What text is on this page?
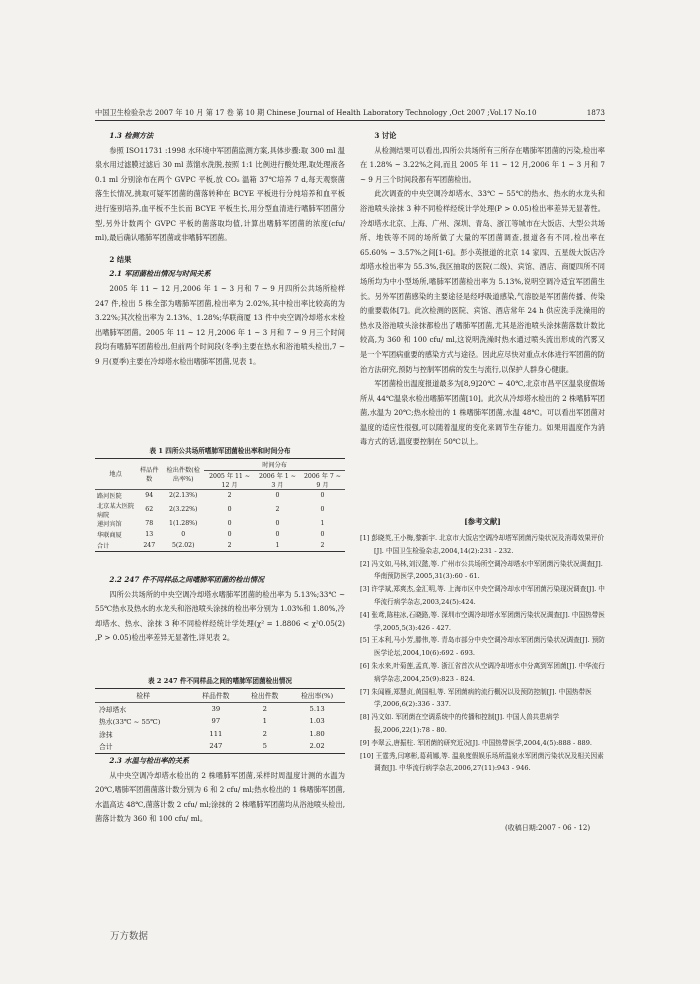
中国卫生检验杂志 2007 年 10 月 第 17 卷 第 10 期 Chinese Journal of Health Laboratory Technology ,Oct 2007 ;Vol.17 No.10	1873

1.3 检测方法

参照 ISO11731 :1998 水环境中军团菌监测方案,具体步骤:取 300 ml 温泉水用过滤膜过滤后 30 ml 蒸馏水洗脱,按照 1:1 比例进行酸处理,取处理液各 0.1 ml 分别涂布在两个 GVPC 平板,放 CO₂ 温箱 37℃培养 7 d,每天观察菌落生长情况,挑取可疑军团菌的菌落转种在 BCYE 平板进行分纯培养和血平板进行鉴别培养,血平板不生长而 BCYE 平板生长,用分型血清进行嗜肺军团菌分型,另外计数两个 GVPC 平板的菌落取均值,计算出嗜肺军团菌的浓度(cfu/ ml),最后确认嗜肺军团菌或非嗜肺军团菌。

2 结果

2.1 军团菌检出情况与时间关系

2005 年 11 ~ 12 月,2006 年 1 ~ 3 月和 7 ~ 9 月四所公共场所检样 247 件,检出 5 株全部为嗜肺军团菌,检出率为 2.02%,其中检出率比较高的为 3.22%;其次检出率为 2.13%、1.28%;华联商厦 13 件中央空调冷却塔水未检出嗜肺军团菌。2005 年 11 ~ 12 月,2006 年 1 ~ 3 月和 7 ~ 9 月三个时间段均有嗜肺军团菌检出,但前两个时间段(冬季)主要在热水和浴池喷头检出,7 ~ 9 月(夏季)主要在冷却塔水检出嗜肺军团菌,见表 1。

表 1 四所公共场所嗜肺军团菌检出率和时间分布
地点	样品件数	检出件数(检出率%)	时间分布		
			2005 年 11 ~ 12 月	2006 年 1 ~ 3 月	2006 年 7 ~ 9 月
路河医院	94	2(2.13%)	2	0	0
北京某大医院病院	62	2(3.22%)	0	2	0
递河宾馆	78	1(1.28%)	0	0	1
华联商厦	13	0	0	0	0
合计	247	5(2.02)	2	1	2

2.2 247 件不同样品之间嗜肺军团菌的检出情况

四所公共场所的中央空调冷却塔水嗜肺军团菌的检出率为 5.13%;33℃ ~ 55℃热水及热水的水龙头和浴池喷头涂抹的检出率分别为 1.03%和 1.80%,冷却塔水、热水、涂抹 3 种不同检样经统计学处理(χ² = 1.8806 < χ²0.05(2) ,P > 0.05)检出率差异无显著性,详见表 2。

表 2 247 件不同样品之间的嗜肺军团菌检出情况
检样	样品件数	检出件数	检出率(%)
冷却塔水	39	2	5.13
热水(33℃ ~ 55℃)	97	1	1.03
涂抹	111	2	1.80
合计	247	5	2.02

2.3 水温与检出率的关系

从中央空调冷却塔水检出的 2 株嗜肺军团菌,采样时周温度计测的水温为 20℃,嗜肺军团菌菌落计数分别为 6 和 2 cfu/ ml;热水检出的 1 株嗜肺军团菌,水温高达 48℃,菌落计数 2 cfu/ ml;涂抹的 2 株嗜肺军团菌均从浴池喷头检出,菌落计数为 360 和 100 cfu/ ml。

3 讨论

从检测结果可以看出,四所公共场所有三所存在嗜肺军团菌的污染,检出率在 1.28% ~ 3.22%之间,而且 2005 年 11 ~ 12 月,2006 年 1 ~ 3 月和 7 ~ 9 月三个时间段都有军团菌检出。

此次调查的中央空调冷却塔水、33℃ ~ 55℃的热水、热水的水龙头和浴池喷头涂抹 3 种不同检样经统计学处理(P > 0.05)检出率差异无显著性。冷却塔水北京、上海、广州、深圳、青岛、浙江等城市在大饭店、大型公共场所、地铁等不同的场所做了大量的军团菌调查,报道各有不同,检出率在 65.60% ~ 3.57%之间[1-6]。彭小英报道的北京 14 家四、五星级大饭店冷却塔水检出率为 55.3%,我区抽取的医院(二级)、宾馆、酒店、商厦四所不同场所均为中小型场所,嗜肺军团菌检出率为 5.13%,说明空调冷适宜军团菌生长。另外军团菌感染的主要途径是经呼吸道感染,气溶胶是军团菌传播、传染的重要载体[7]。此次检测的医院、宾馆、酒店常年 24 h 供应洗手洗澡用的热水及浴池喷头涂抹都检出了嗜肺军团菌,尤其是浴池喷头涂抹菌落数计数比较高,为 360 和 100 cfu/ ml,这说明洗澡时热水通过喷头流出形成的汽雾又是一个军团病重要的感染方式与途径。因此应尽快对重点水体进行军团菌的防治方法研究,预防与控制军团病的发生与流行,以保护人群身心健康。

军团菌检出温度报道最多为[8,9]20℃ ~ 40℃,北京市昌平区温泉度假场所从 44℃温泉水检出嗜肺军团菌[10]。此次从冷却塔水检出的 2 株嗜肺军团菌,水温为 20℃;热水检出的 1 株嗜肺军团菌,水温 48℃。可以看出军团菌对温度的适应性很强,可以随着温度的变化来调节生存能力。如果用温度作为消毒方式的话,温度要控制在 50℃以上。

[参考文献]
[1] 彭晓英,王小梅,黎新宇. 北京市大饭店空调冷却塔军团菌污染状况及消毒效果评价[J]. 中国卫生检验杂志,2004,14(2):231 - 232.
[2] 冯文如,马林,刘汉懿,等. 广州市公共场所空调冷却塔水中军团菌污染状况调查[J]. 华南预防医学,2005,31(3):60 - 61.
[3] 许学斌,郑爽杰,金汇明,等. 上海市区中央空调冷却水中军团菌污染现况调查[J]. 中华流行病学杂志,2003,24(5):424.
[4] 张鸢,陈桂冰,石晓路,等. 深圳市空调冷却塔水军团菌污染状况调查[J]. 中国热带医学,2005,5(3):426 - 427.
[5] 王本利,马小芳,滕伟,等. 青岛市部分中央空调冷却水军团菌污染状况调查[J]. 预防医学论坛,2004,10(6):692 - 693.
[6] 朱水来,叶菊莲,孟真,等. 浙江省首次从空调冷却塔水中分离到军团菌[J]. 中华流行病学杂志,2004,25(9):823 - 824.
[7] 朱闻雁,郑慧贞,黄国相,等. 军团菌病的流行概况以及预防控制[J]. 中国热带医学,2006,6(2):336 - 337.
[8] 冯文如. 军团菌在空调系统中的传播和控制[J]. 中国人兽共患病学报,2006,22(1):78 - 80.
[9] 李翠云,唐振柱. 军团菌的研究近况[J]. 中国热带医学,2004,4(5):888 - 889.
[10] 王霆秀,闫寒彬,葛莉娜,等. 温泉度假娱乐场所温泉水军团菌污染状况及相关因素调查[J]. 中华流行病学杂志,2006,27(11):943 - 946.
(收稿日期:2007 - 06 - 12)
万方数据
